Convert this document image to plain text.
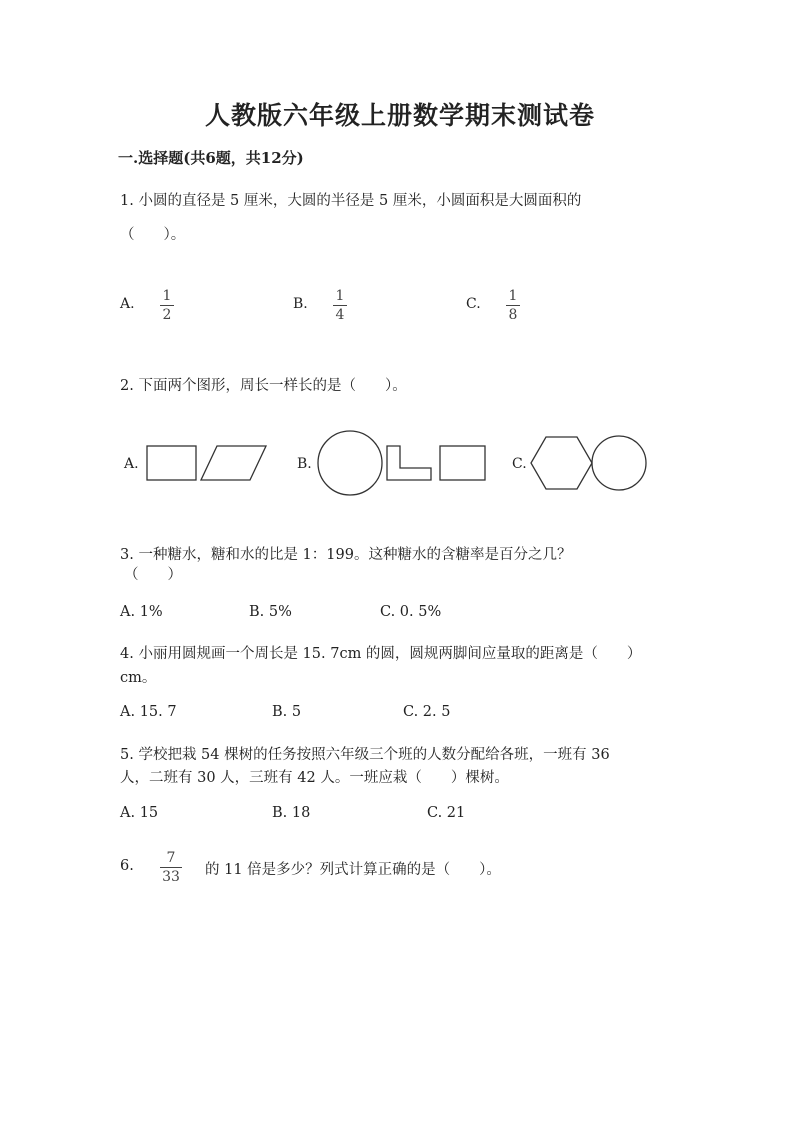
人教版六年级上册数学期末测试卷
一.选择题(共6题，共12分)
1. 小圆的直径是 5 厘米，大圆的半径是 5 厘米，小圆面积是大圆面积的
（　　）。
A. 1
2
B. 1
4
C. 1
8
2. 下面两个图形，周长一样长的是（　　）。
A.	B.	C.
3. 一种糖水，糖和水的比是 1：199。这种糖水的含糖率是百分之几？
（　　）
A. 1%	B. 5%	C. 0. 5%
4. 小丽用圆规画一个周长是 15. 7cm 的圆，圆规两脚间应量取的距离是（　　）
cm。
A. 15. 7	B. 5	C. 2. 5
5. 学校把栽 54 棵树的任务按照六年级三个班的人数分配给各班，一班有 36
人，二班有 30 人，三班有 42 人。一班应栽（　　）棵树。
A. 15	B. 18	C. 21
6.	7
33 的 11 倍是多少？列式计算正确的是（　　）。
